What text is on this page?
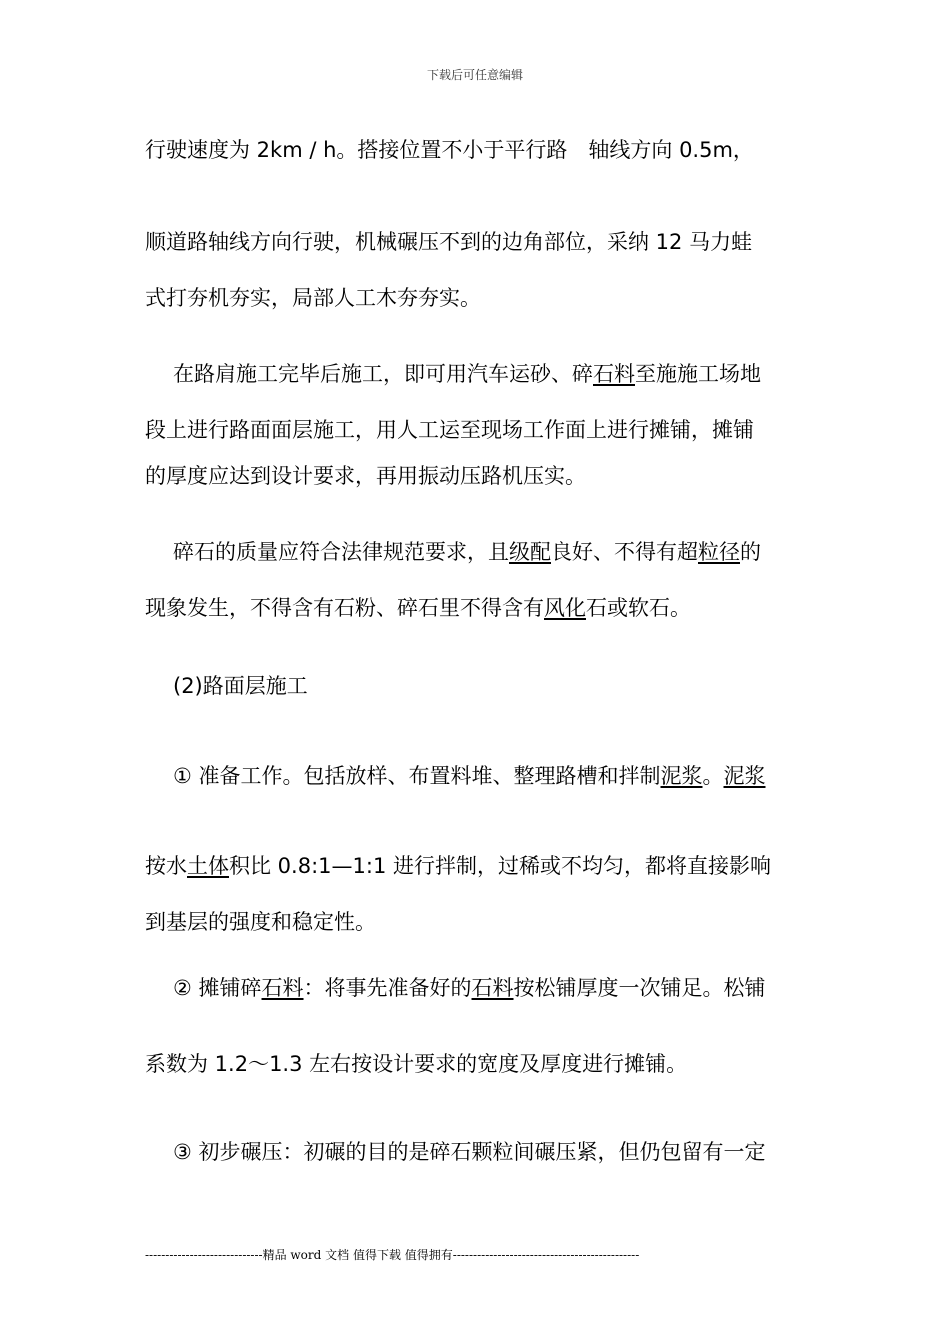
下载后可任意编辑
行驶速度为 2km / h。搭接位置不小于平行路　轴线方向 0.5m，
顺道路轴线方向行驶，机械碾压不到的边角部位，采纳 12 马力蛙
式打夯机夯实，局部人工木夯夯实。
在路肩施工完毕后施工，即可用汽车运砂、碎石料至施施工场地
段上进行路面面层施工，用人工运至现场工作面上进行摊铺，摊铺
的厚度应达到设计要求，再用振动压路机压实。
碎石的质量应符合法律规范要求，且级配良好、不得有超粒径的
现象发生，不得含有石粉、碎石里不得含有风化石或软石。
(2)路面层施工
① 准备工作。包括放样、布置料堆、整理路槽和拌制泥浆。泥浆
按水土体积比 0.8:1—1:1 进行拌制，过稀或不均匀，都将直接影响
到基层的强度和稳定性。
② 摊铺碎石料：将事先准备好的石料按松铺厚度一次铺足。松铺
系数为 1.2～1.3 左右按设计要求的宽度及厚度进行摊铺。
③ 初步碾压：初碾的目的是碎石颗粒间碾压紧，但仍包留有一定
-----------------------------精品 word 文档 值得下载 值得拥有----------------------------------------------
